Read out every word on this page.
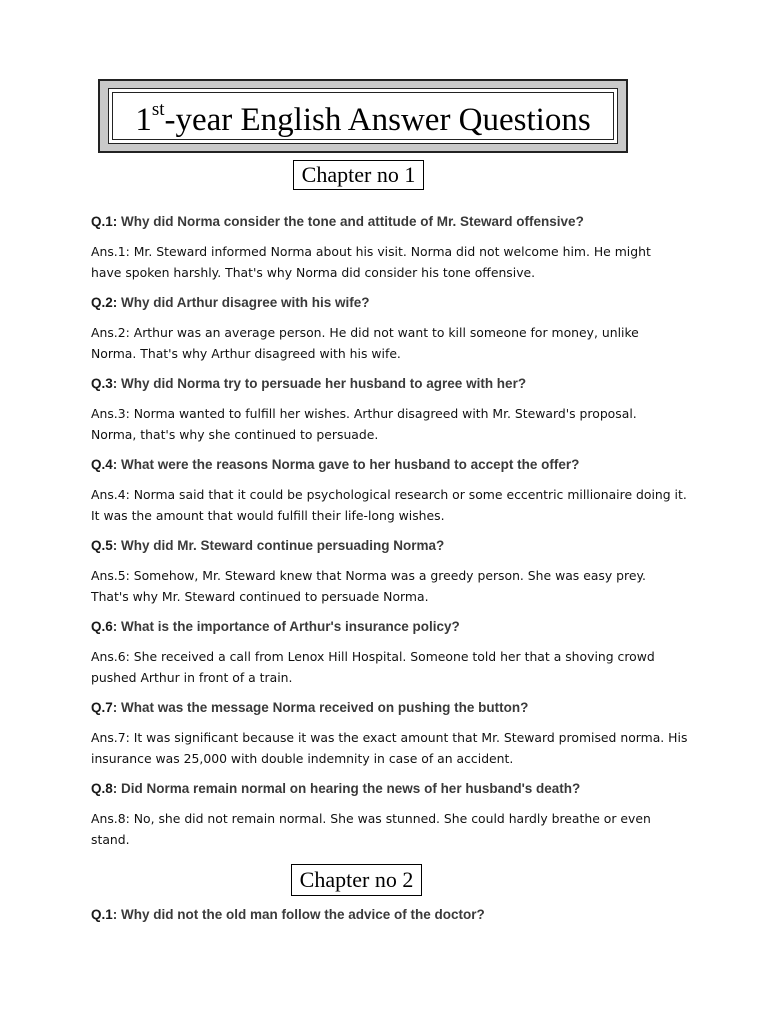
1st-year English Answer Questions
Chapter no 1
Q.1: Why did Norma consider the tone and attitude of Mr. Steward offensive?
Ans.1: Mr. Steward informed Norma about his visit. Norma did not welcome him. He might
have spoken harshly. That's why Norma did consider his tone offensive.
Q.2: Why did Arthur disagree with his wife?
Ans.2: Arthur was an average person. He did not want to kill someone for money, unlike
Norma. That's why Arthur disagreed with his wife.
Q.3: Why did Norma try to persuade her husband to agree with her?
Ans.3: Norma wanted to fulfill her wishes. Arthur disagreed with Mr. Steward's proposal.
Norma, that's why she continued to persuade.
Q.4: What were the reasons Norma gave to her husband to accept the offer?
Ans.4: Norma said that it could be psychological research or some eccentric millionaire doing it.
It was the amount that would fulfill their life-long wishes.
Q.5: Why did Mr. Steward continue persuading Norma?
Ans.5: Somehow, Mr. Steward knew that Norma was a greedy person. She was easy prey.
That's why Mr. Steward continued to persuade Norma.
Q.6: What is the importance of Arthur's insurance policy?
Ans.6: She received a call from Lenox Hill Hospital. Someone told her that a shoving crowd
pushed Arthur in front of a train.
Q.7: What was the message Norma received on pushing the button?
Ans.7: It was significant because it was the exact amount that Mr. Steward promised norma. His
insurance was 25,000 with double indemnity in case of an accident.
Q.8: Did Norma remain normal on hearing the news of her husband's death?
Ans.8: No, she did not remain normal. She was stunned. She could hardly breathe or even
stand.
Chapter no 2
Q.1: Why did not the old man follow the advice of the doctor?
